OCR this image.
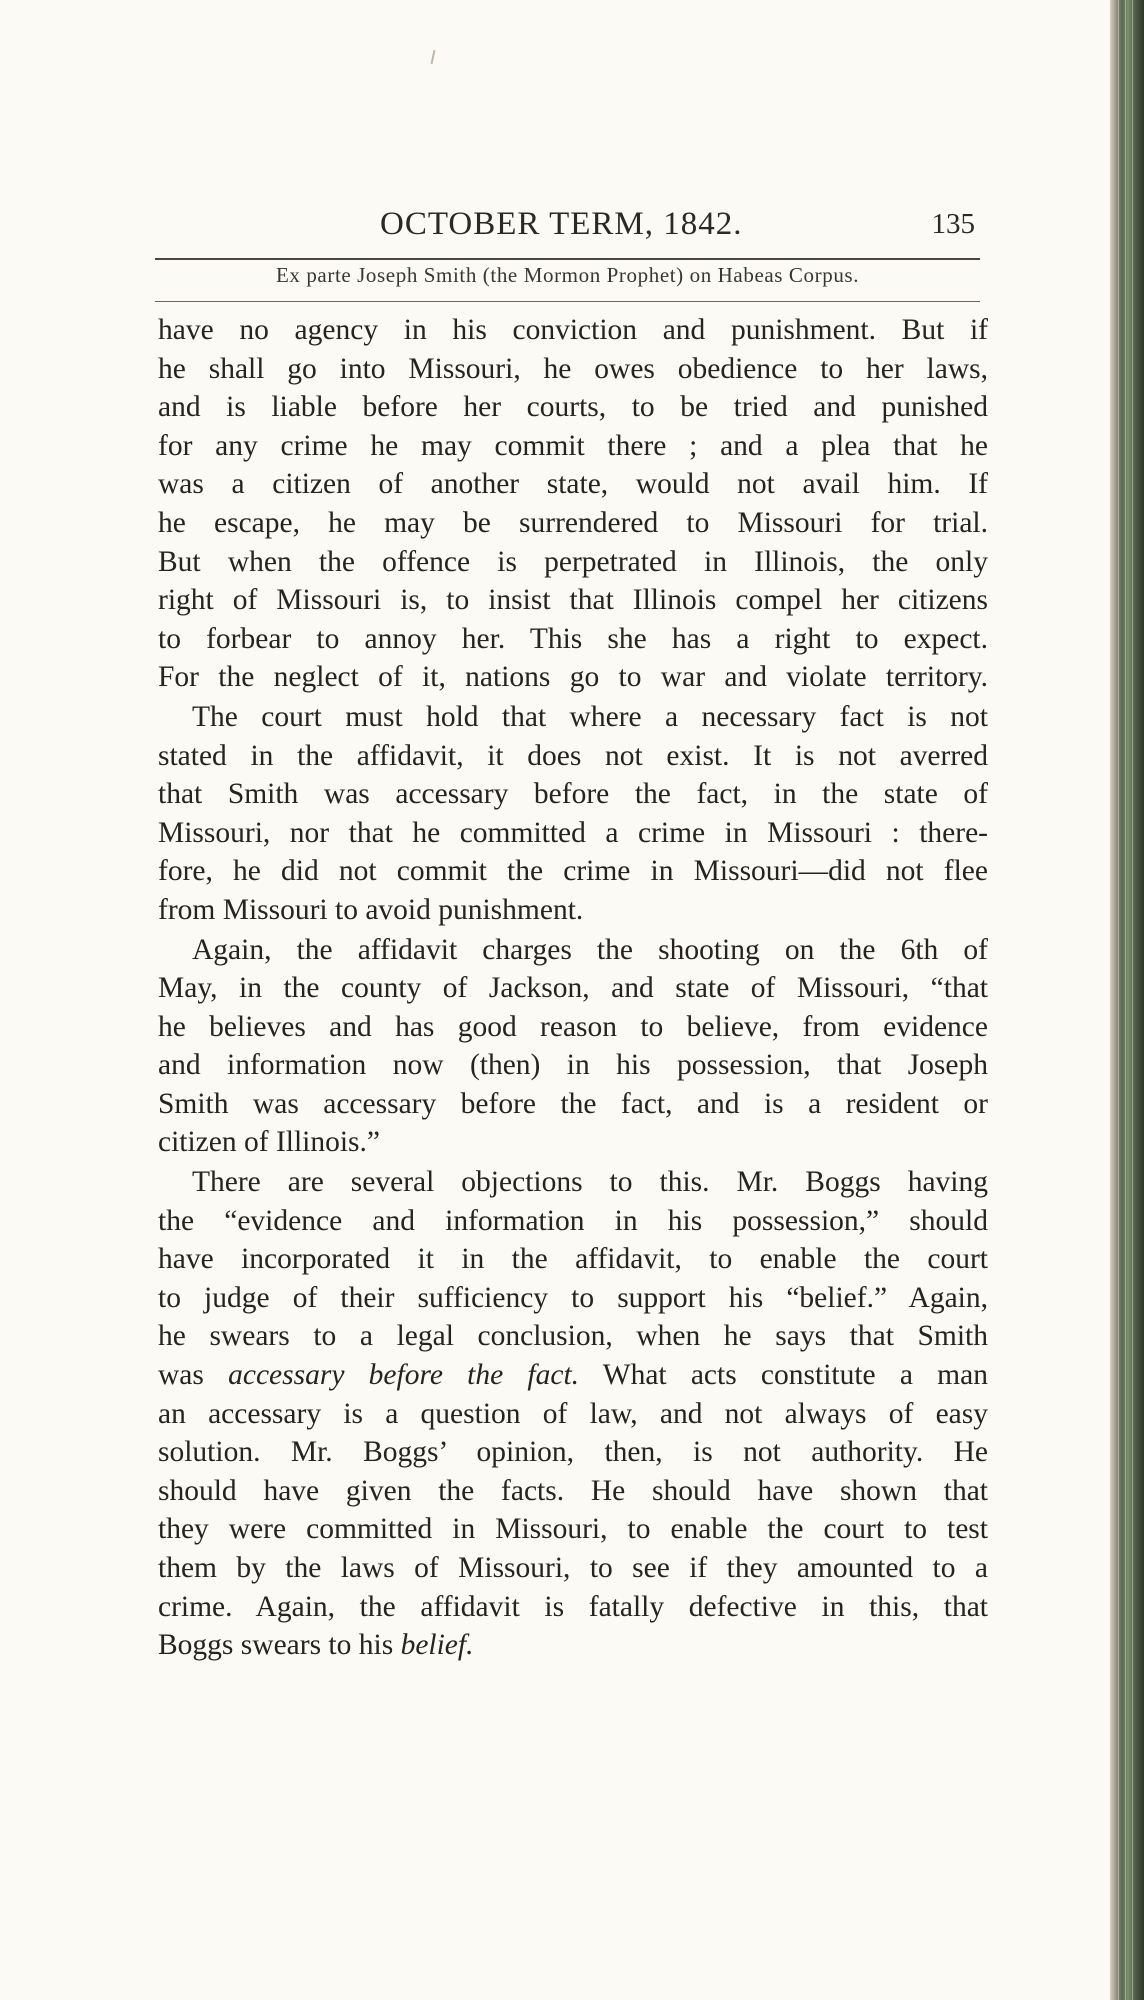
OCTOBER TERM, 1842.	135
Ex parte Joseph Smith (the Mormon Prophet) on Habeas Corpus.
have no agency in his conviction and punishment. But if
he shall go into Missouri, he owes obedience to her laws,
and is liable before her courts, to be tried and punished
for any crime he may commit there ; and a plea that he
was a citizen of another state, would not avail him. If
he escape, he may be surrendered to Missouri for trial.
But when the offence is perpetrated in Illinois, the only
right of Missouri is, to insist that Illinois compel her citizens
to forbear to annoy her. This she has a right to expect.
For the neglect of it, nations go to war and violate territory.
The court must hold that where a necessary fact is not
stated in the affidavit, it does not exist. It is not averred
that Smith was accessary before the fact, in the state of
Missouri, nor that he committed a crime in Missouri : there-
fore, he did not commit the crime in Missouri—did not flee
from Missouri to avoid punishment.
Again, the affidavit charges the shooting on the 6th of
May, in the county of Jackson, and state of Missouri, “that
he believes and has good reason to believe, from evidence
and information now (then) in his possession, that Joseph
Smith was accessary before the fact, and is a resident or
citizen of Illinois.”
There are several objections to this. Mr. Boggs having
the “evidence and information in his possession,” should
have incorporated it in the affidavit, to enable the court
to judge of their sufficiency to support his “belief.” Again,
he swears to a legal conclusion, when he says that Smith
was accessary before the fact. What acts constitute a man
an accessary is a question of law, and not always of easy
solution. Mr. Boggs’ opinion, then, is not authority. He
should have given the facts. He should have shown that
they were committed in Missouri, to enable the court to test
them by the laws of Missouri, to see if they amounted to a
crime. Again, the affidavit is fatally defective in this, that
Boggs swears to his belief.
